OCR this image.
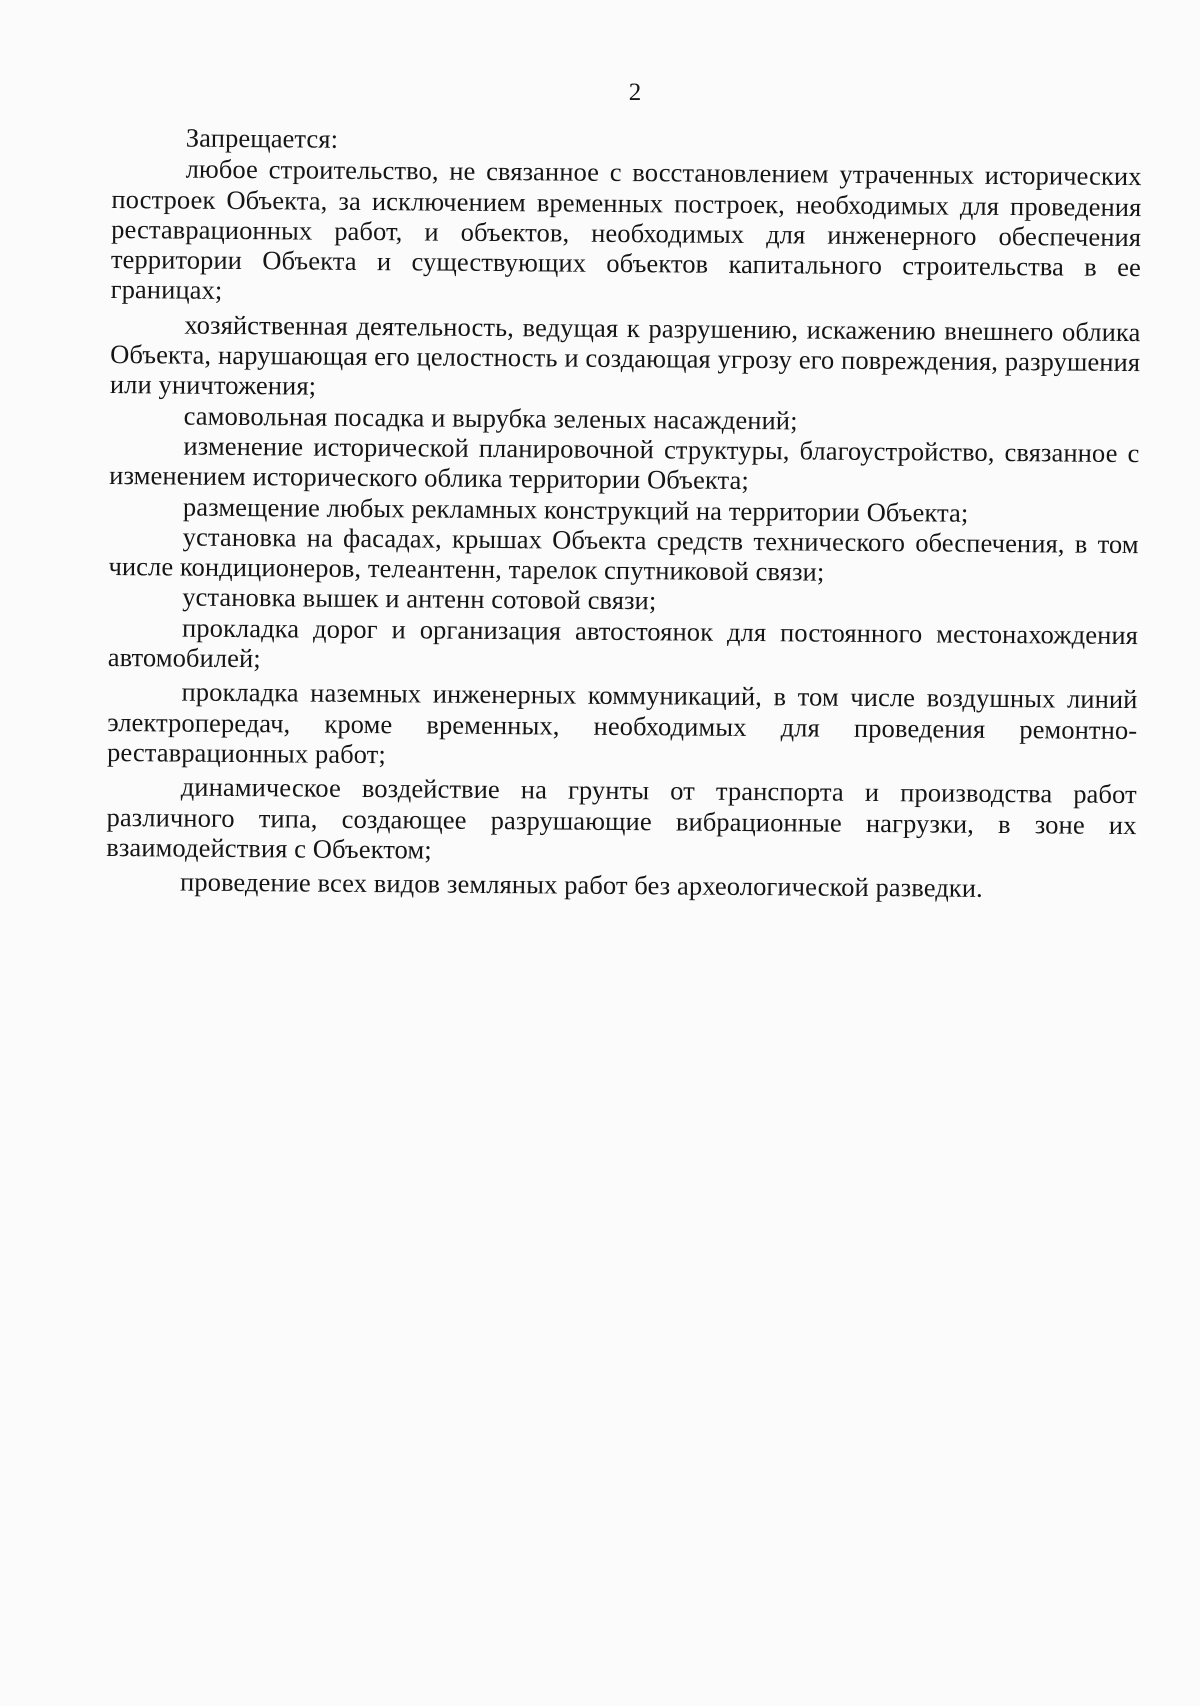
2

Запрещается:

любое строительство, не связанное с восстановлением утраченных исторических построек Объекта, за исключением временных построек, необходимых для проведения реставрационных работ, и объектов, необходимых для инженерного обеспечения территории Объекта и существующих объектов капитального строительства в ее границах;

хозяйственная деятельность, ведущая к разрушению, искажению внешнего облика Объекта, нарушающая его целостность и создающая угрозу его повреждения, разрушения или уничтожения;

самовольная посадка и вырубка зеленых насаждений;

изменение исторической планировочной структуры, благоустройство, связанное с изменением исторического облика территории Объекта;

размещение любых рекламных конструкций на территории Объекта;

установка на фасадах, крышах Объекта средств технического обеспечения, в том числе кондиционеров, телеантенн, тарелок спутниковой связи;

установка вышек и антенн сотовой связи;

прокладка дорог и организация автостоянок для постоянного местонахождения автомобилей;

прокладка наземных инженерных коммуникаций, в том числе воздушных линий электропередач, кроме временных, необходимых для проведения ремонтно-реставрационных работ;

динамическое воздействие на грунты от транспорта и производства работ различного типа, создающее разрушающие вибрационные нагрузки, в зоне их взаимодействия с Объектом;

проведение всех видов земляных работ без археологической разведки.
